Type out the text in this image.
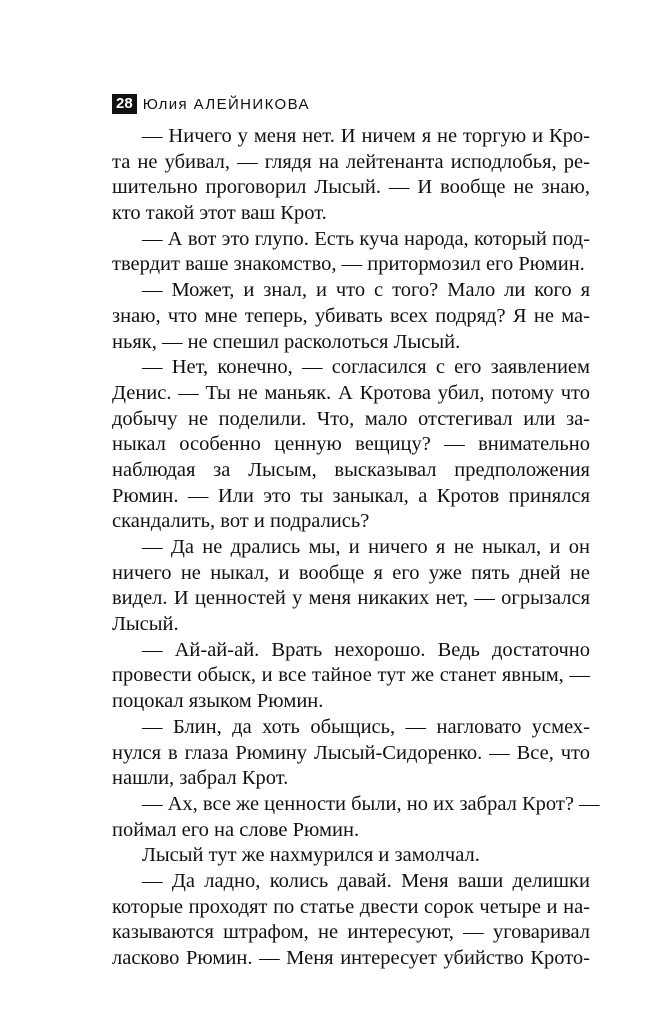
28 Юлия АЛЕЙНИКОВА
— Ничего у меня нет. И ничем я не торгую и Кро-
та не убивал, — глядя на лейтенанта исподлобья, ре-
шительно проговорил Лысый. — И вообще не знаю,
кто такой этот ваш Крот.
— А вот это глупо. Есть куча народа, который под-
твердит ваше знакомство, — притормозил его Рюмин.
— Может, и знал, и что с того? Мало ли кого я
знаю, что мне теперь, убивать всех подряд? Я не ма-
ньяк, — не спешил расколоться Лысый.
— Нет, конечно, — согласился с его заявлением
Денис. — Ты не маньяк. А Кротова убил, потому что
добычу не поделили. Что, мало отстегивал или за-
ныкал особенно ценную вещицу? — внимательно
наблюдая за Лысым, высказывал предположения
Рюмин. — Или это ты заныкал, а Кротов принялся
скандалить, вот и подрались?
— Да не дрались мы, и ничего я не ныкал, и он
ничего не ныкал, и вообще я его уже пять дней не
видел. И ценностей у меня никаких нет, — огрызался
Лысый.
— Ай-ай-ай. Врать нехорошо. Ведь достаточно
провести обыск, и все тайное тут же станет явным, —
поцокал языком Рюмин.
— Блин, да хоть обыщись, — нагловато усмех-
нулся в глаза Рюмину Лысый-Сидоренко. — Все, что
нашли, забрал Крот.
— Ах, все же ценности были, но их забрал Крот? —
поймал его на слове Рюмин.
Лысый тут же нахмурился и замолчал.
— Да ладно, колись давай. Меня ваши делишки
которые проходят по статье двести сорок четыре и на-
казываются штрафом, не интересуют, — уговаривал
ласково Рюмин. — Меня интересует убийство Крото-
